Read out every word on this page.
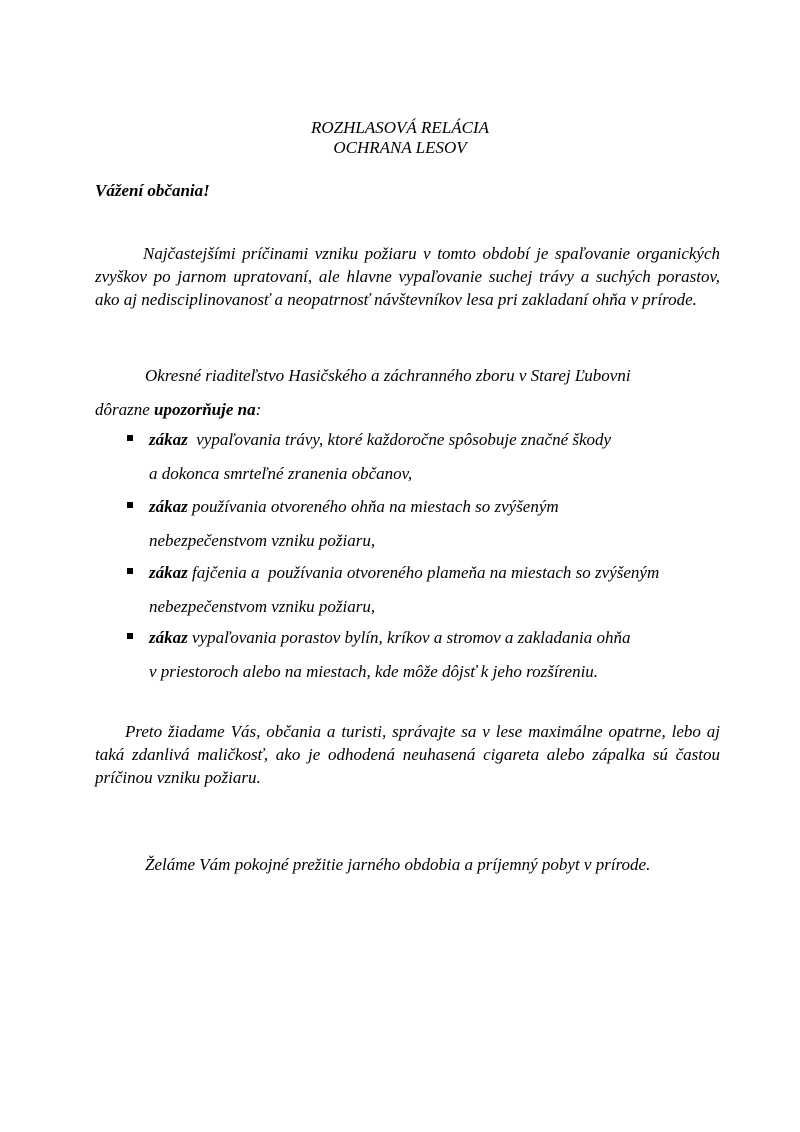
ROZHLASOVÁ RELÁCIA
OCHRANA LESOV
Vážení občania!
Najčastejšími príčinami vzniku požiaru v tomto období je spaľovanie organických zvyškov po jarnom upratovaní, ale hlavne vypaľovanie suchej trávy a suchých porastov, ako aj nedisciplinovanosť a neopatrnosť návštevníkov lesa pri zakladaní ohňa v prírode.
Okresné riaditeľstvo Hasičského a záchranného zboru v Starej Ľubovni
dôrazne upozorňuje na:
zákaz  vypaľovania trávy, ktoré každoročne spôsobuje značné škody
a dokonca smrteľné zranenia občanov,
zákaz používania otvoreného ohňa na miestach so zvýšeným
nebezpečenstvom vzniku požiaru,
zákaz fajčenia a  používania otvoreného plameňa na miestach so zvýšeným
nebezpečenstvom vzniku požiaru,
zákaz vypaľovania porastov bylín, kríkov a stromov a zakladania ohňa
v priestoroch alebo na miestach, kde môže dôjsť k jeho rozšíreniu.
Preto žiadame Vás, občania a turisti, správajte sa v lese maximálne opatrne, lebo aj taká zdanlivá maličkosť, ako je odhodená neuhasená cigareta alebo zápalka sú častou príčinou vzniku požiaru.
Želáme Vám pokojné prežitie jarného obdobia a príjemný pobyt v prírode.
